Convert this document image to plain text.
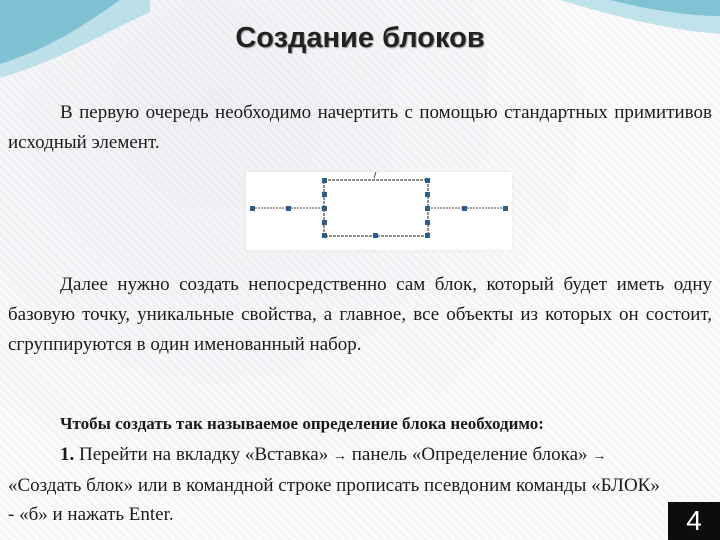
Создание блоков
В первую очередь необходимо начертить с помощью стандартных примитивов исходный элемент.
Далее нужно создать непосредственно сам блок, который будет иметь одну базовую точку, уникальные свойства, а главное, все объекты из которых он состоит, сгруппируются в один именованный набор.
Чтобы создать так называемое определение блока необходимо:
1. Перейти на вкладку «Вставка» → панель «Определение блока» → «Создать блок» или в командной строке прописать псевдоним команды «БЛОК» - «б» и нажать Enter.	4
